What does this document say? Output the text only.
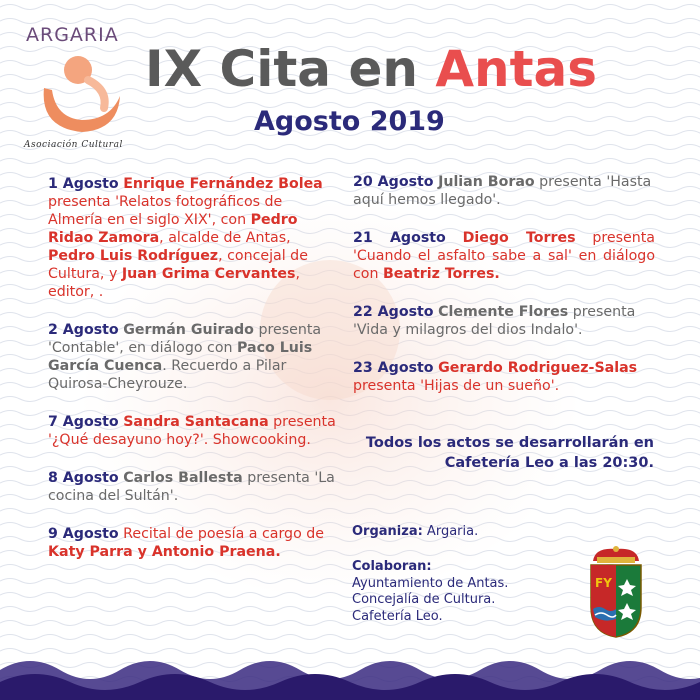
ARGARIA
Asociación Cultural
IX Cita en Antas
Agosto 2019
1 Agosto Enrique Fernández Bolea presenta 'Relatos fotográficos de Almería en el siglo XIX', con Pedro Ridao Zamora, alcalde de Antas, Pedro Luis Rodríguez, concejal de Cultura, y Juan Grima Cervantes, editor, .
2 Agosto Germán Guirado presenta 'Contable', en diálogo con Paco Luis García Cuenca. Recuerdo a Pilar Quirosa-Cheyrouze.
7 Agosto Sandra Santacana presenta '¿Qué desayuno hoy?'. Showcooking.
8 Agosto Carlos Ballesta presenta 'La cocina del Sultán'.
9 Agosto Recital de poesía a cargo de Katy Parra y Antonio Praena.
20 Agosto Julian Borao presenta 'Hasta aquí hemos llegado'.
21 Agosto Diego Torres presenta 'Cuando el asfalto sabe a sal' en diálogo con Beatriz Torres.
22 Agosto Clemente Flores presenta 'Vida y milagros del dios Indalo'.
23 Agosto Gerardo Rodriguez-Salas presenta 'Hijas de un sueño'.
Todos los actos se desarrollarán en
Cafetería Leo a las 20:30.
Organiza: Argaria.
Colaboran:
Ayuntamiento de Antas.
Concejalía de Cultura.
Cafetería Leo.
FY
